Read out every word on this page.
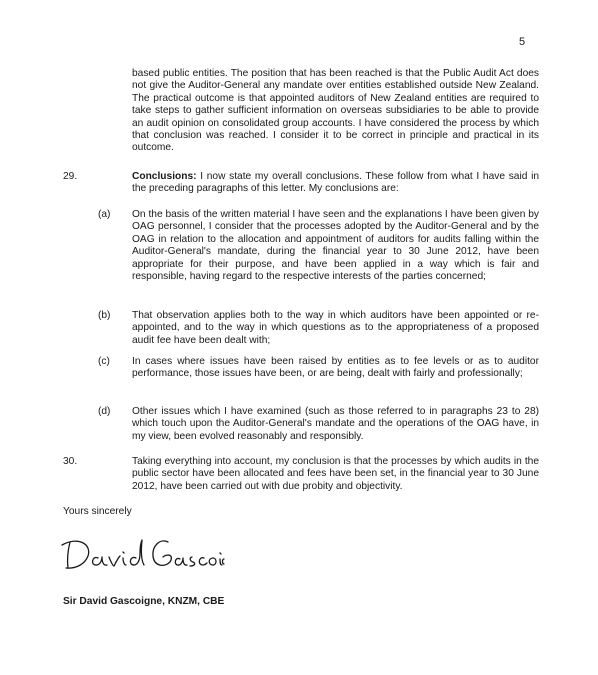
5
based public entities. The position that has been reached is that the Public Audit Act does not give the Auditor-General any mandate over entities established outside New Zealand. The practical outcome is that appointed auditors of New Zealand entities are required to take steps to gather sufficient information on overseas subsidiaries to be able to provide an audit opinion on consolidated group accounts. I have considered the process by which that conclusion was reached. I consider it to be correct in principle and practical in its outcome.
29.	Conclusions: I now state my overall conclusions. These follow from what I have said in the preceding paragraphs of this letter. My conclusions are:
(a) On the basis of the written material I have seen and the explanations I have been given by OAG personnel, I consider that the processes adopted by the Auditor-General and by the OAG in relation to the allocation and appointment of auditors for audits falling within the Auditor-General's mandate, during the financial year to 30 June 2012, have been appropriate for their purpose, and have been applied in a way which is fair and responsible, having regard to the respective interests of the parties concerned;
(b) That observation applies both to the way in which auditors have been appointed or re-appointed, and to the way in which questions as to the appropriateness of a proposed audit fee have been dealt with;
(c) In cases where issues have been raised by entities as to fee levels or as to auditor performance, those issues have been, or are being, dealt with fairly and professionally;
(d) Other issues which I have examined (such as those referred to in paragraphs 23 to 28) which touch upon the Auditor-General's mandate and the operations of the OAG have, in my view, been evolved reasonably and responsibly.
30.	Taking everything into account, my conclusion is that the processes by which audits in the public sector have been allocated and fees have been set, in the financial year to 30 June 2012, have been carried out with due probity and objectivity.
Yours sincerely
Sir David Gascoigne, KNZM, CBE
